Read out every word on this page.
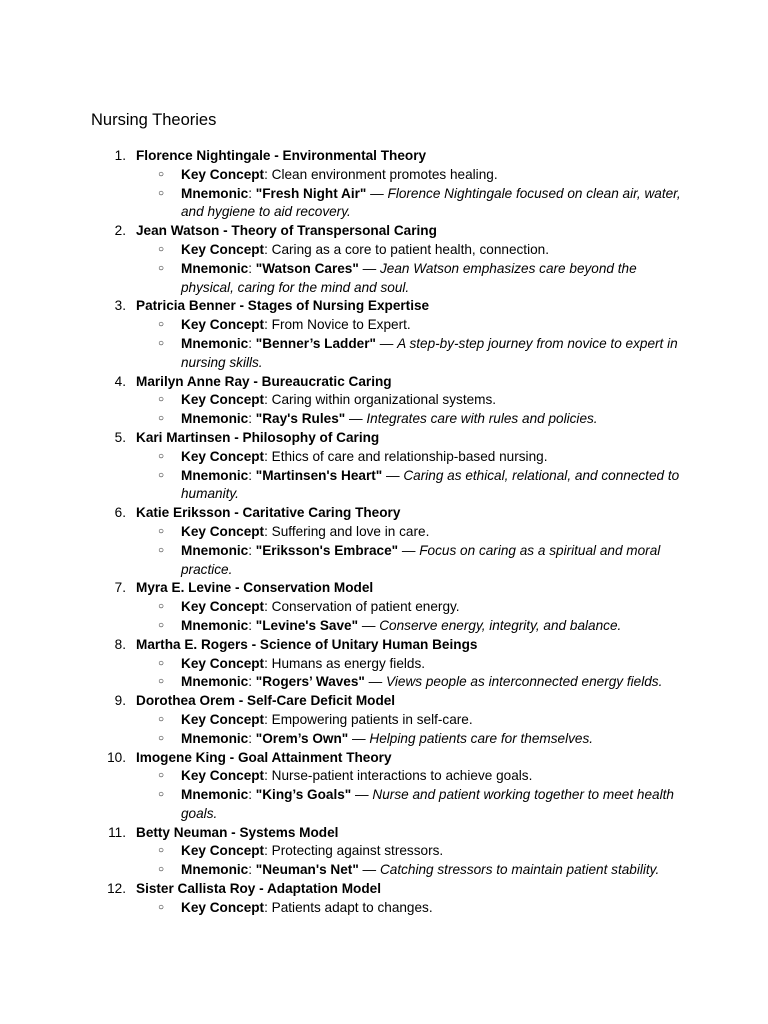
Nursing Theories
1. Florence Nightingale - Environmental Theory
○ Key Concept: Clean environment promotes healing.
○ Mnemonic: "Fresh Night Air" — Florence Nightingale focused on clean air, water, and hygiene to aid recovery.
2. Jean Watson - Theory of Transpersonal Caring
○ Key Concept: Caring as a core to patient health, connection.
○ Mnemonic: "Watson Cares" — Jean Watson emphasizes care beyond the physical, caring for the mind and soul.
3. Patricia Benner - Stages of Nursing Expertise
○ Key Concept: From Novice to Expert.
○ Mnemonic: "Benner’s Ladder" — A step-by-step journey from novice to expert in nursing skills.
4. Marilyn Anne Ray - Bureaucratic Caring
○ Key Concept: Caring within organizational systems.
○ Mnemonic: "Ray's Rules" — Integrates care with rules and policies.
5. Kari Martinsen - Philosophy of Caring
○ Key Concept: Ethics of care and relationship-based nursing.
○ Mnemonic: "Martinsen's Heart" — Caring as ethical, relational, and connected to humanity.
6. Katie Eriksson - Caritative Caring Theory
○ Key Concept: Suffering and love in care.
○ Mnemonic: "Eriksson's Embrace" — Focus on caring as a spiritual and moral practice.
7. Myra E. Levine - Conservation Model
○ Key Concept: Conservation of patient energy.
○ Mnemonic: "Levine's Save" — Conserve energy, integrity, and balance.
8. Martha E. Rogers - Science of Unitary Human Beings
○ Key Concept: Humans as energy fields.
○ Mnemonic: "Rogers’ Waves" — Views people as interconnected energy fields.
9. Dorothea Orem - Self-Care Deficit Model
○ Key Concept: Empowering patients in self-care.
○ Mnemonic: "Orem’s Own" — Helping patients care for themselves.
10. Imogene King - Goal Attainment Theory
○ Key Concept: Nurse-patient interactions to achieve goals.
○ Mnemonic: "King’s Goals" — Nurse and patient working together to meet health goals.
11. Betty Neuman - Systems Model
○ Key Concept: Protecting against stressors.
○ Mnemonic: "Neuman's Net" — Catching stressors to maintain patient stability.
12. Sister Callista Roy - Adaptation Model
○ Key Concept: Patients adapt to changes.
